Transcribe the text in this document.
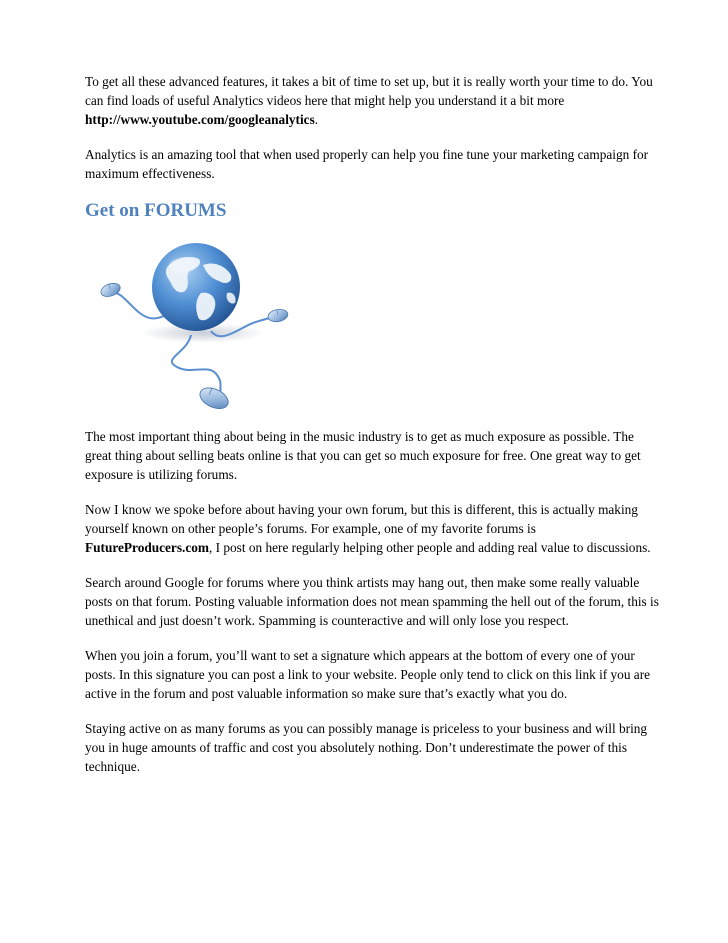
To get all these advanced features, it takes a bit of time to set up, but it is really worth your time to do. You can find loads of useful Analytics videos here that might help you understand it a bit more http://www.youtube.com/googleanalytics.

Analytics is an amazing tool that when used properly can help you fine tune your marketing campaign for maximum effectiveness.

Get on FORUMS

The most important thing about being in the music industry is to get as much exposure as possible. The great thing about selling beats online is that you can get so much exposure for free. One great way to get exposure is utilizing forums.

Now I know we spoke before about having your own forum, but this is different, this is actually making yourself known on other people’s forums. For example, one of my favorite forums is FutureProducers.com, I post on here regularly helping other people and adding real value to discussions.

Search around Google for forums where you think artists may hang out, then make some really valuable posts on that forum. Posting valuable information does not mean spamming the hell out of the forum, this is unethical and just doesn’t work. Spamming is counteractive and will only lose you respect.

When you join a forum, you’ll want to set a signature which appears at the bottom of every one of your posts. In this signature you can post a link to your website. People only tend to click on this link if you are active in the forum and post valuable information so make sure that’s exactly what you do.

Staying active on as many forums as you can possibly manage is priceless to your business and will bring you in huge amounts of traffic and cost you absolutely nothing. Don’t underestimate the power of this technique.
